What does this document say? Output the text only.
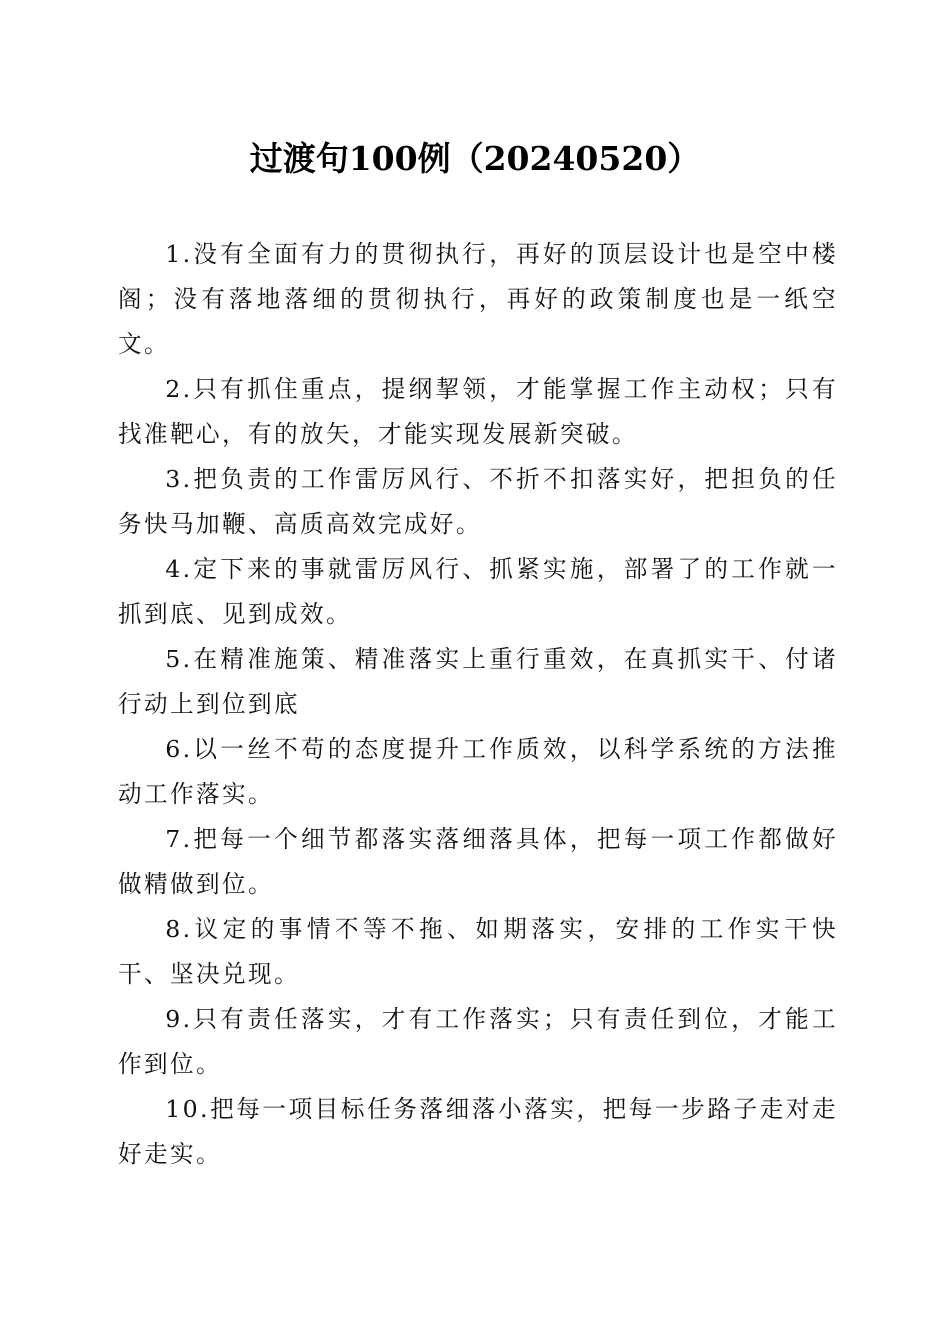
过渡句100例（20240520）

1.没有全面有力的贯彻执行，再好的顶层设计也是空中楼阁；没有落地落细的贯彻执行，再好的政策制度也是一纸空文。

2.只有抓住重点，提纲挈领，才能掌握工作主动权；只有找准靶心，有的放矢，才能实现发展新突破。

3.把负责的工作雷厉风行、不折不扣落实好，把担负的任务快马加鞭、高质高效完成好。

4.定下来的事就雷厉风行、抓紧实施，部署了的工作就一抓到底、见到成效。

5.在精准施策、精准落实上重行重效，在真抓实干、付诸行动上到位到底

6.以一丝不苟的态度提升工作质效，以科学系统的方法推动工作落实。

7.把每一个细节都落实落细落具体，把每一项工作都做好做精做到位。

8.议定的事情不等不拖、如期落实，安排的工作实干快干、坚决兑现。

9.只有责任落实，才有工作落实；只有责任到位，才能工作到位。

10.把每一项目标任务落细落小落实，把每一步路子走对走好走实。
